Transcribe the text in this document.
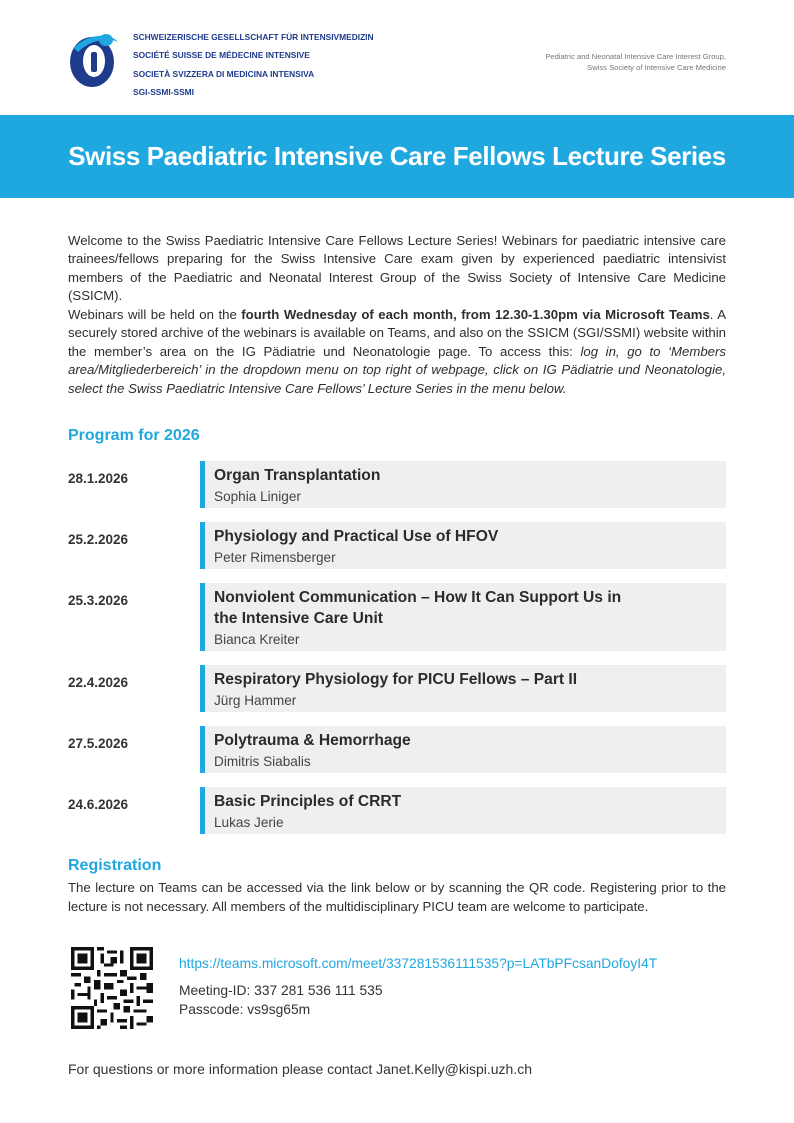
SCHWEIZERISCHE GESELLSCHAFT FÜR INTENSIVMEDIZIN
SOCIÉTÉ SUISSE DE MÉDECINE INTENSIVE
SOCIETÀ SVIZZERA DI MEDICINA INTENSIVA
SGI-SSMI-SSMI
Pediatric and Neonatal Intensive Care Interest Group,
Swiss Society of Intensive Care Medicine
Swiss Paediatric Intensive Care Fellows Lecture Series
Welcome to the Swiss Paediatric Intensive Care Fellows Lecture Series! Webinars for paediatric intensive care trainees/fellows preparing for the Swiss Intensive Care exam given by experienced paediatric intensivist members of the Paediatric and Neonatal Interest Group of the Swiss Society of Intensive Care Medicine (SSICM).
Webinars will be held on the fourth Wednesday of each month, from 12.30-1.30pm via Microsoft Teams. A securely stored archive of the webinars is available on Teams, and also on the SSICM (SGI/SSMI) website within the member’s area on the IG Pädiatrie und Neonatologie page. To access this: log in, go to ‘Members area/Mitgliederbereich’ in the dropdown menu on top right of webpage, click on IG Pädiatrie und Neonatologie, select the Swiss Paediatric Intensive Care Fellows’ Lecture Series in the menu below.
Program for 2026
28.1.2026	Organ Transplantation
Sophia Liniger
25.2.2026	Physiology and Practical Use of HFOV
Peter Rimensberger
25.3.2026	Nonviolent Communication – How It Can Support Us in the Intensive Care Unit
Bianca Kreiter
22.4.2026	Respiratory Physiology for PICU Fellows – Part II
Jürg Hammer
27.5.2026	Polytrauma & Hemorrhage
Dimitris Siabalis
24.6.2026	Basic Principles of CRRT
Lukas Jerie
Registration
The lecture on Teams can be accessed via the link below or by scanning the QR code. Registering prior to the lecture is not necessary. All members of the multidisciplinary PICU team are welcome to participate.
https://teams.microsoft.com/meet/337281536111535?p=LATbPFcsanDofoyI4T
Meeting-ID: 337 281 536 111 535
Passcode: vs9sg65m
For questions or more information please contact Janet.Kelly@kispi.uzh.ch
